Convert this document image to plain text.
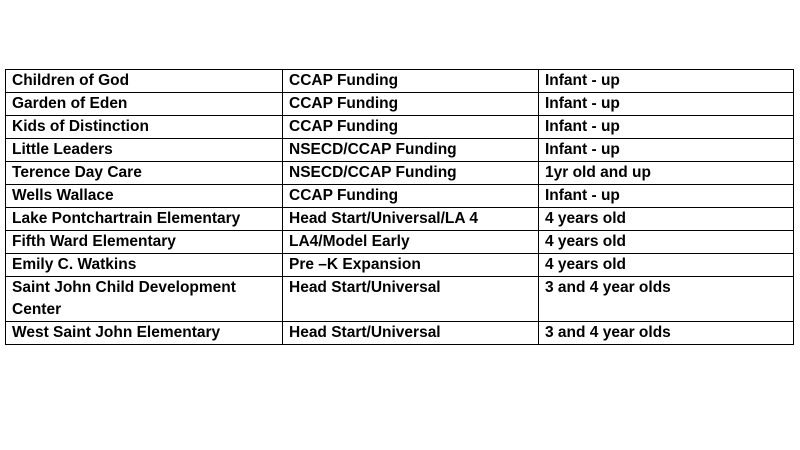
Children of God	CCAP Funding	Infant - up
Garden of Eden	CCAP Funding	Infant - up
Kids of Distinction	CCAP Funding	Infant - up
Little Leaders	NSECD/CCAP Funding	Infant - up
Terence Day Care	NSECD/CCAP Funding	1yr old and up
Wells Wallace	CCAP Funding	Infant - up
Lake Pontchartrain Elementary	Head Start/Universal/LA 4	4 years old
Fifth Ward Elementary	LA4/Model Early	4 years old
Emily C. Watkins	Pre –K Expansion	4 years old
Saint John Child Development Center	Head Start/Universal	3 and 4 year olds
West Saint John Elementary	Head Start/Universal	3 and 4 year olds
